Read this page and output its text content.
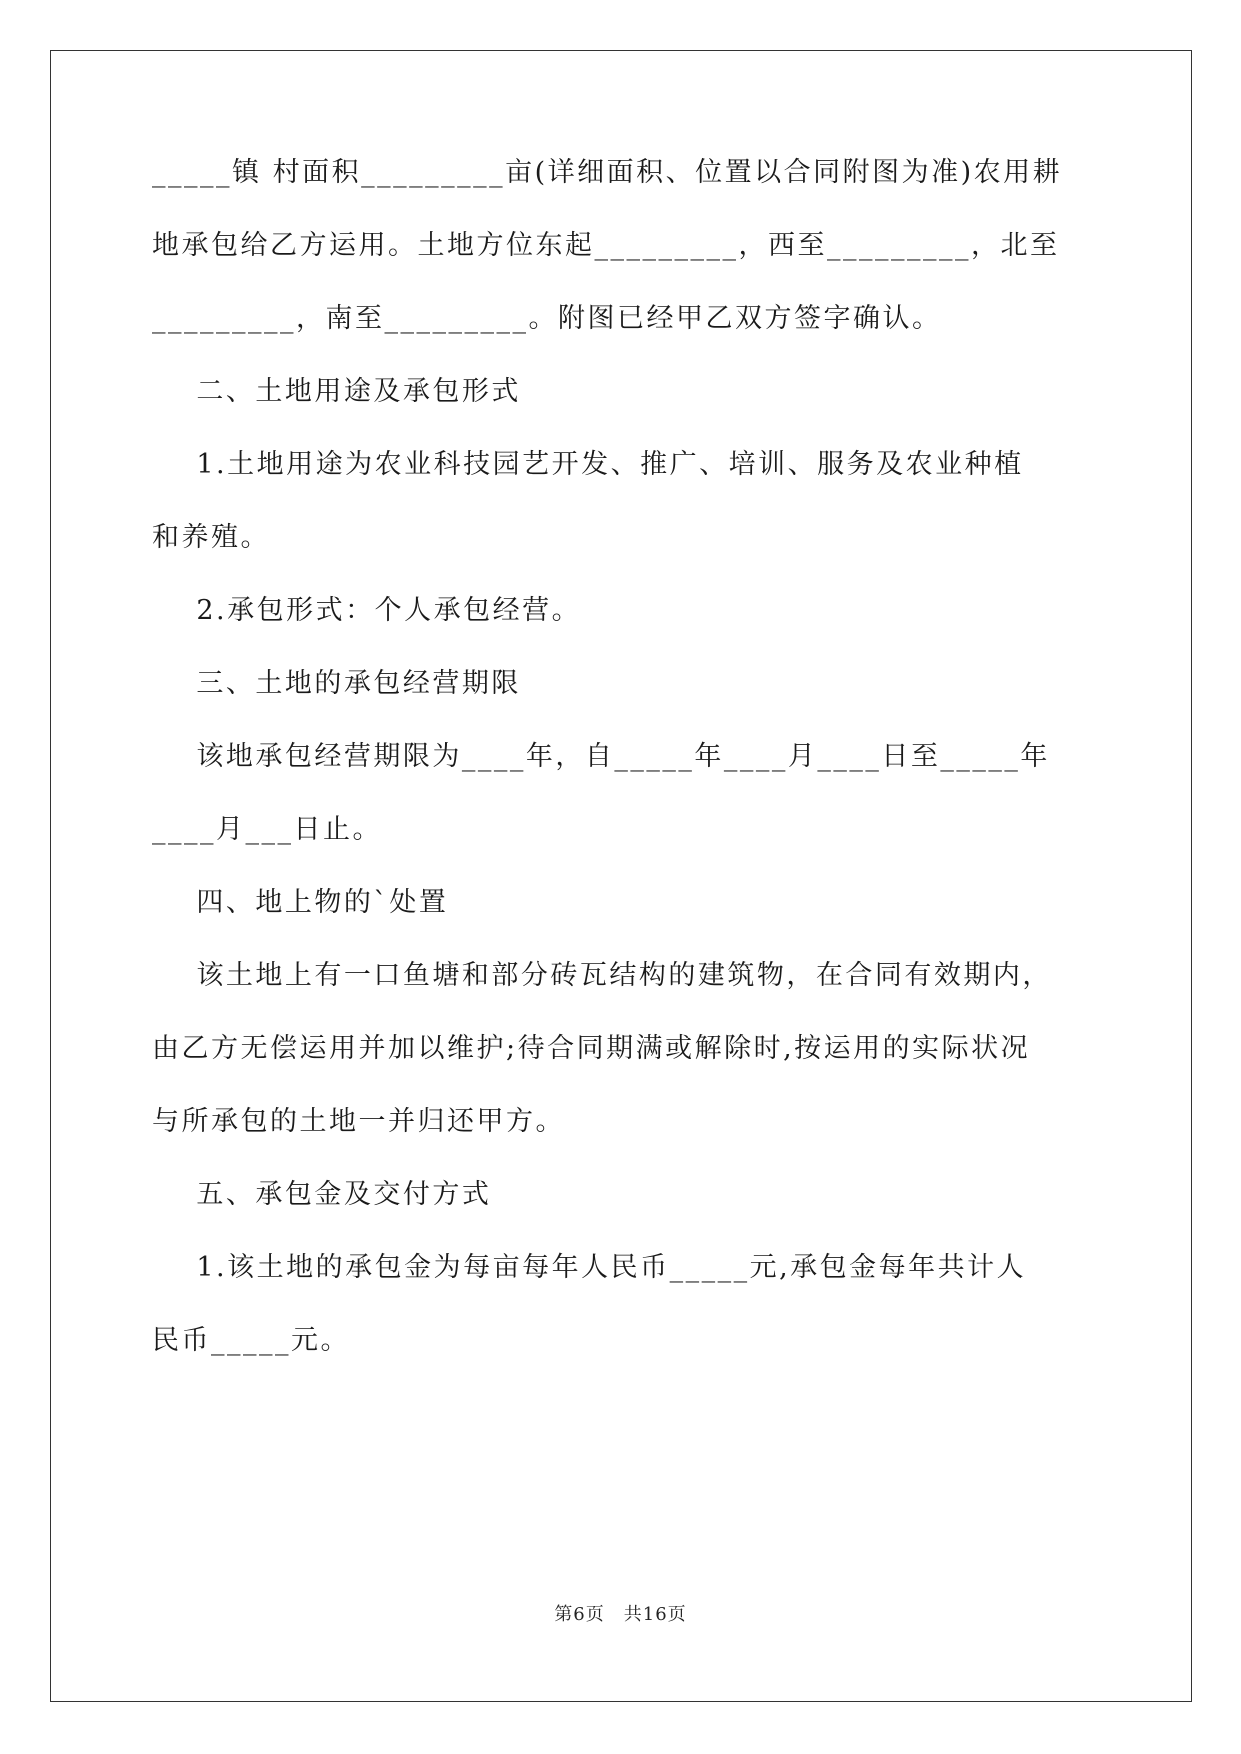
_____镇 村面积_________亩(详细面积、位置以合同附图为准)农用耕
地承包给乙方运用。土地方位东起_________，西至_________，北至
_________，南至_________。附图已经甲乙双方签字确认。
二、土地用途及承包形式
1.土地用途为农业科技园艺开发、推广、培训、服务及农业种植
和养殖。
2.承包形式：个人承包经营。
三、土地的承包经营期限
该地承包经营期限为____年，自_____年____月____日至_____年
____月___日止。
四、地上物的`处置
该土地上有一口鱼塘和部分砖瓦结构的建筑物，在合同有效期内，
由乙方无偿运用并加以维护;待合同期满或解除时,按运用的实际状况
与所承包的土地一并归还甲方。
五、承包金及交付方式
1.该土地的承包金为每亩每年人民币_____元,承包金每年共计人
民币_____元。
第6页　共16页
